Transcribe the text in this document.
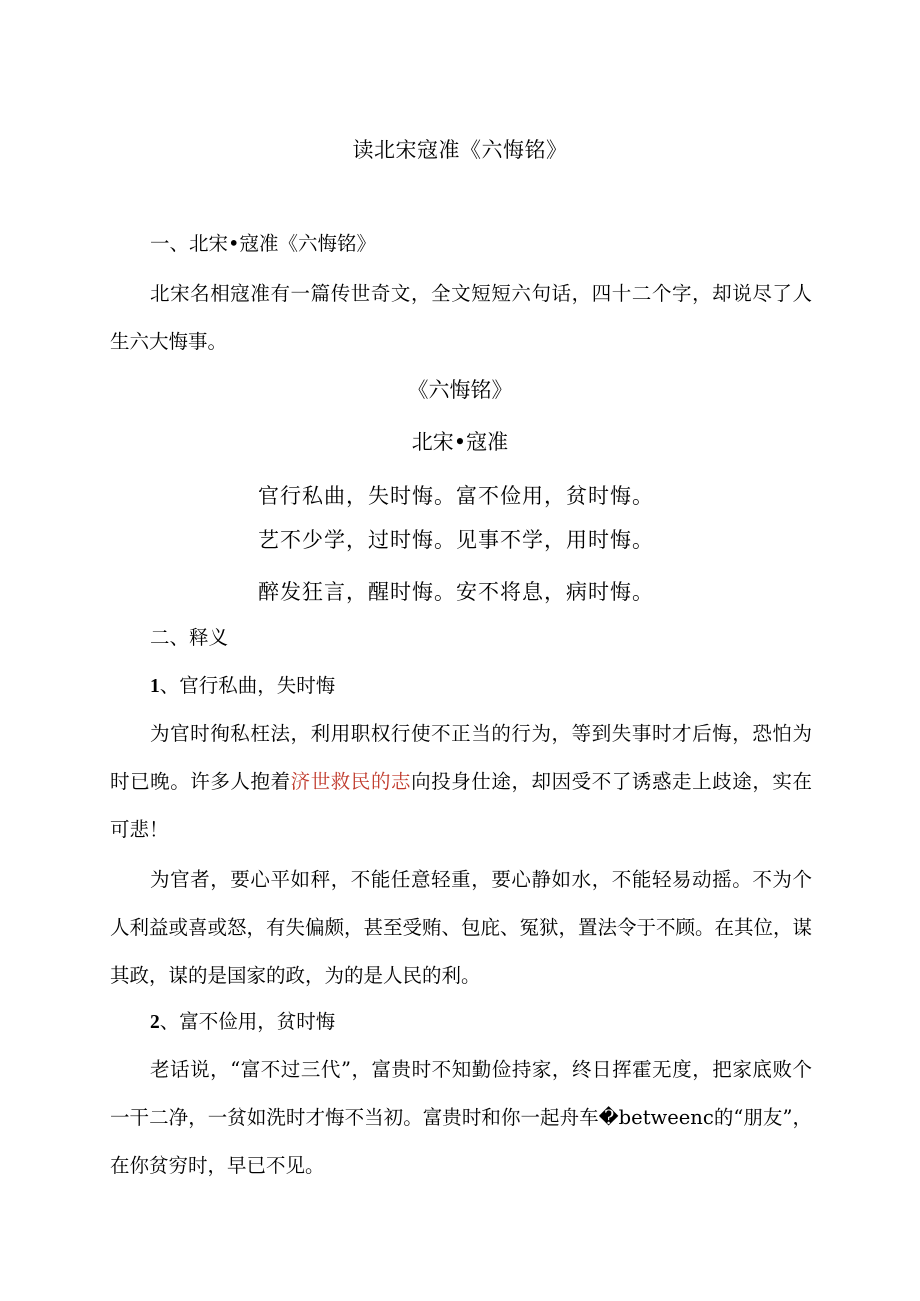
读北宋寇准《六悔铭》
一、北宋•寇准《六悔铭》

北宋名相寇准有一篇传世奇文，全文短短六句话，四十二个字，却说尽了人生六大悔事。

《六悔铭》
北宋•寇准
官行私曲，失时悔。富不俭用，贫时悔。
艺不少学，过时悔。见事不学，用时悔。
醉发狂言，醒时悔。安不将息，病时悔。
二、释义
1、官行私曲，失时悔

为官时徇私枉法，利用职权行使不正当的行为，等到失事时才后悔，恐怕为时已晚。许多人抱着济世救民的志向投身仕途，却因受不了诱惑走上歧途，实在可悲！

为官者，要心平如秤，不能任意轻重，要心静如水，不能轻易动摇。不为个人利益或喜或怒，有失偏颇，甚至受贿、包庇、冤狱，置法令于不顾。在其位，谋其政，谋的是国家的政，为的是人民的利。

2、富不俭用，贫时悔

老话说，“富不过三代”，富贵时不知勤俭持家，终日挥霍无度，把家底败个一干二净，一贫如洗时才悔不当初。富贵时和你一起舟车�betweenc的“朋友”，在你贫穷时，早已不见。
